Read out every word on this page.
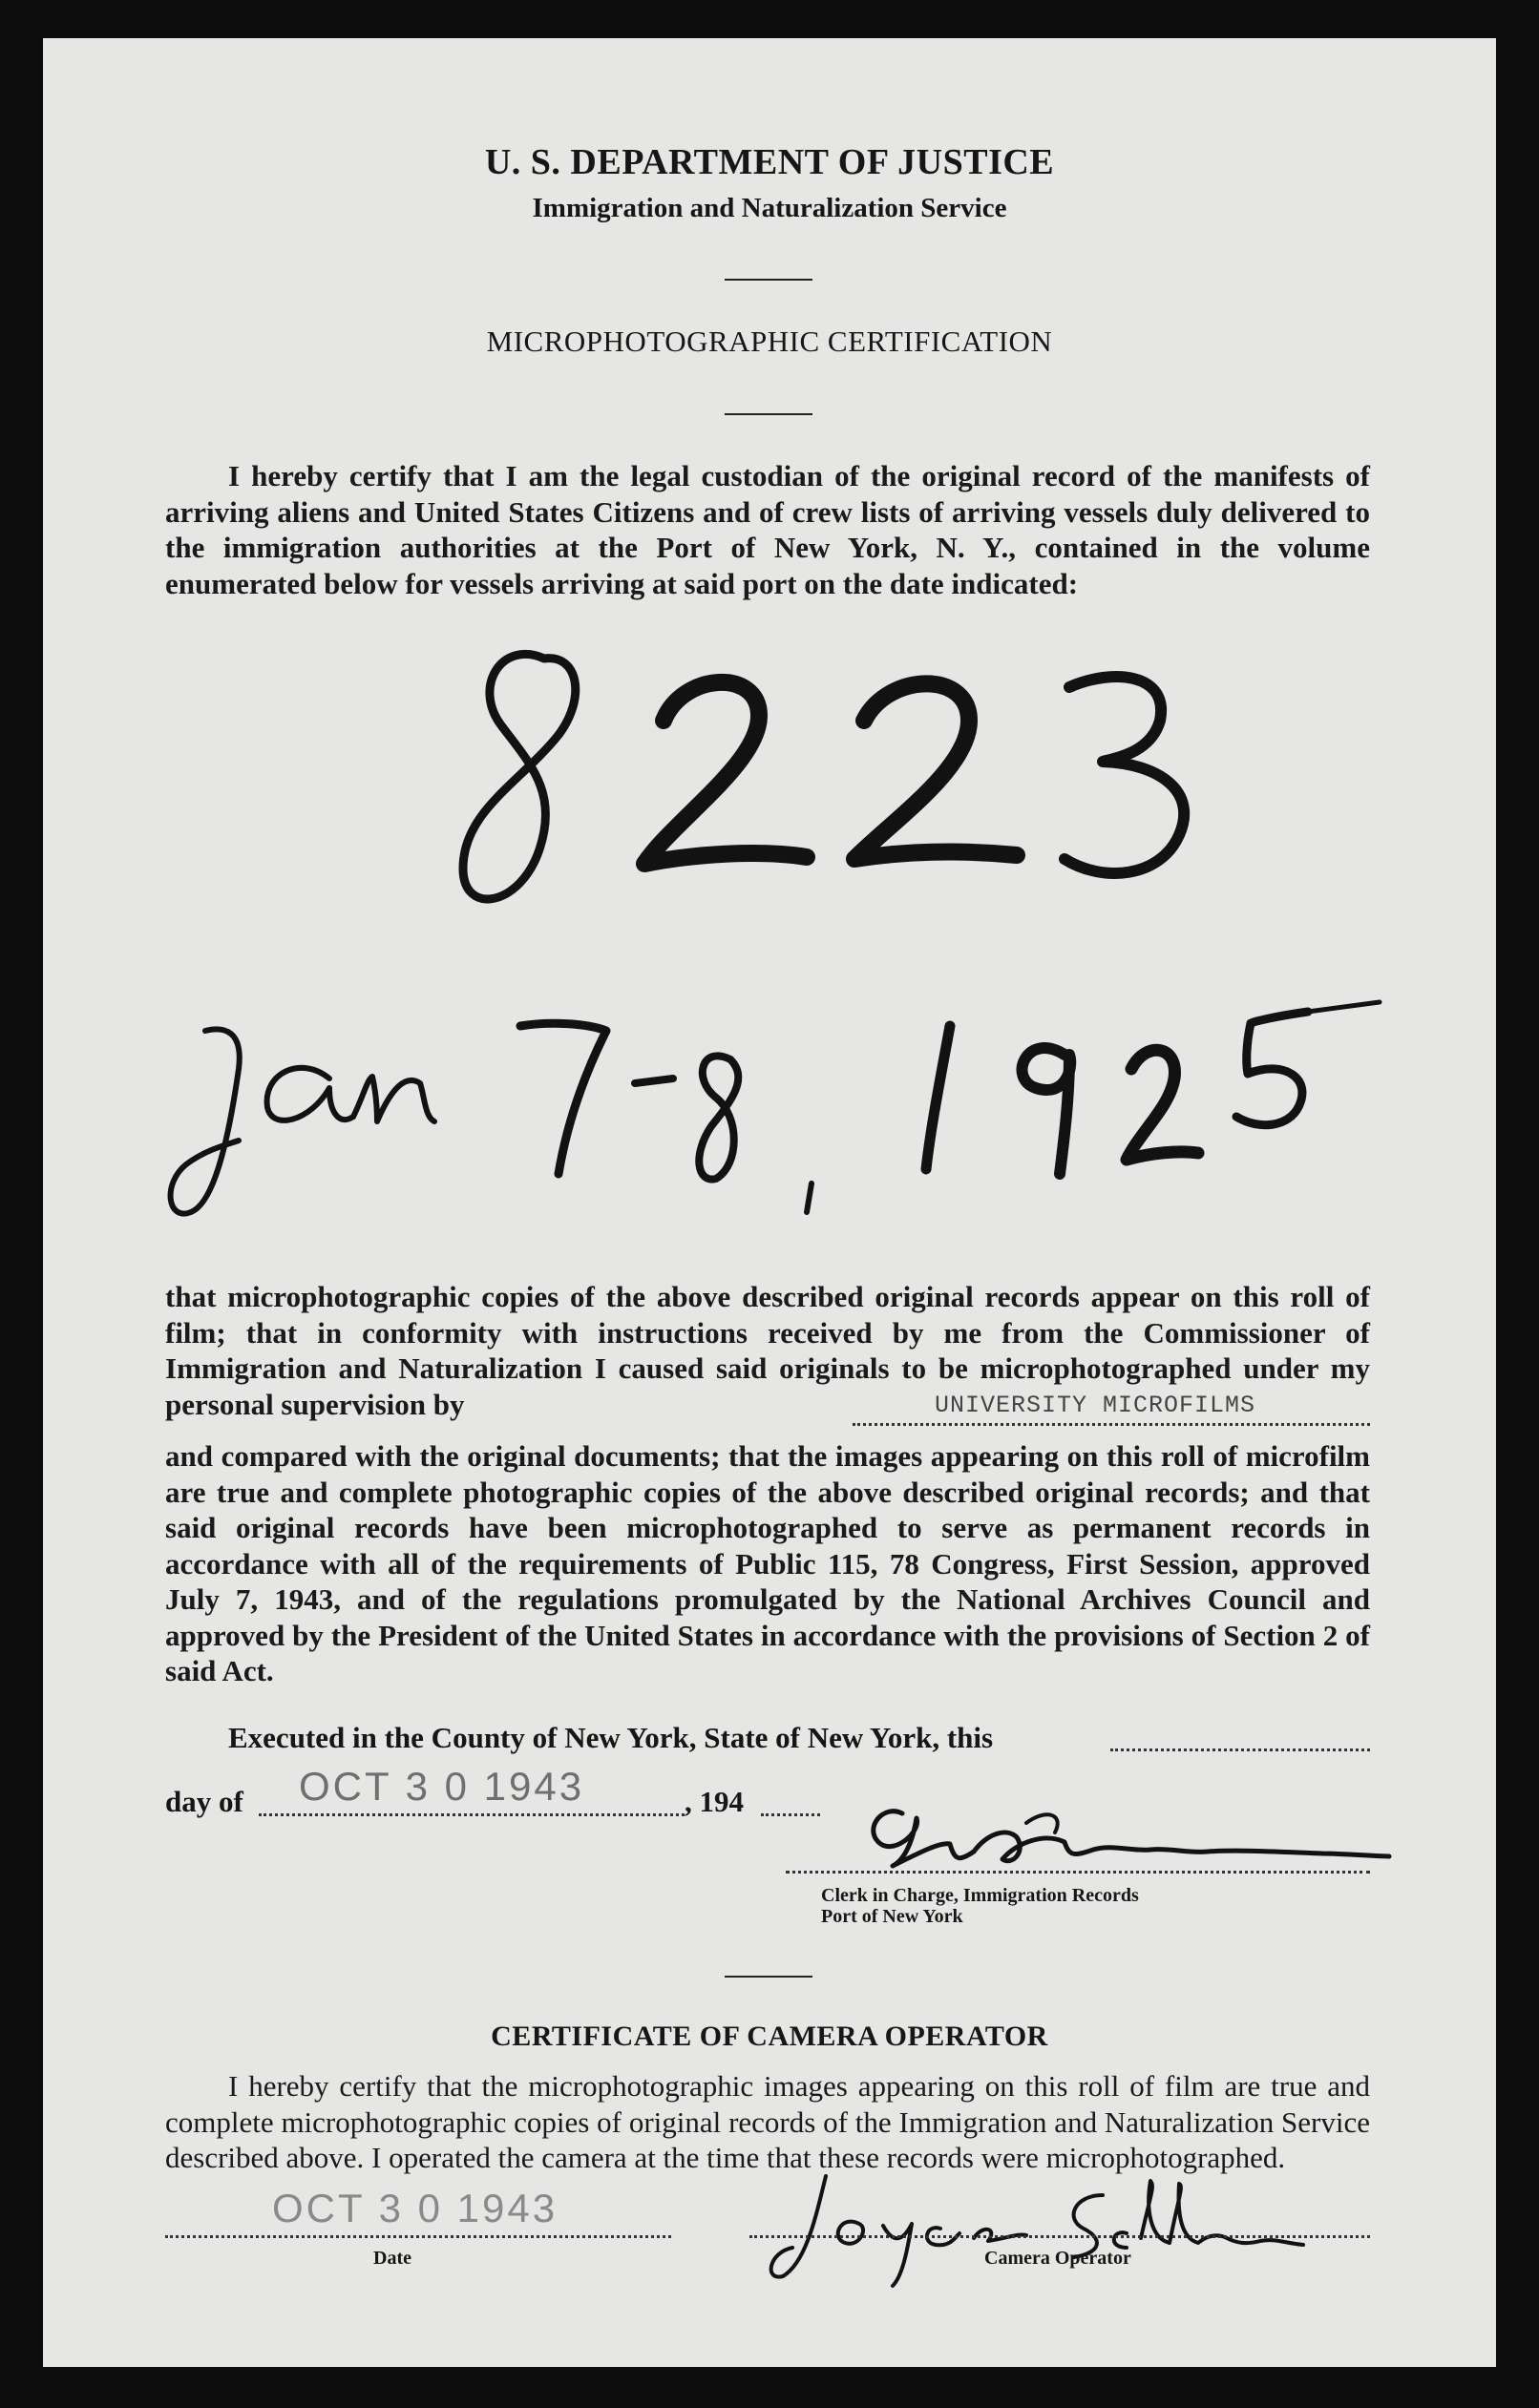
U. S. DEPARTMENT OF JUSTICE
Immigration and Naturalization Service
MICROPHOTOGRAPHIC CERTIFICATION

I hereby certify that I am the legal custodian of the original record of the manifests of arriving aliens and United States Citizens and of crew lists of arriving vessels duly delivered to the immigration authorities at the Port of New York, N. Y., contained in the volume enumerated below for vessels arriving at said port on the date indicated:

that microphotographic copies of the above described original records appear on this roll of film; that in conformity with instructions received by me from the Commissioner of Immigration and Naturalization I caused said originals to be microphotographed under my personal supervision by	UNIVERSITY MICROFILMS

and compared with the original documents; that the images appearing on this roll of microfilm are true and complete photographic copies of the above described original records; and that said original records have been microphotographed to serve as permanent records in accordance with all of the requirements of Public 115, 78 Congress, First Session, approved July 7, 1943, and of the regulations promulgated by the National Archives Council and approved by the President of the United States in accordance with the provisions of Section 2 of said Act.

Executed in the County of New York, State of New York, this
day of OCT 3 0 1943	, 194
Clerk in Charge, Immigration Records
Port of New York
CERTIFICATE OF CAMERA OPERATOR

I hereby certify that the microphotographic images appearing on this roll of film are true and complete microphotographic copies of original records of the Immigration and Naturalization Service described above. I operated the camera at the time that these records were microphotographed.

OCT 3 0 1943
Date	Camera Operator
